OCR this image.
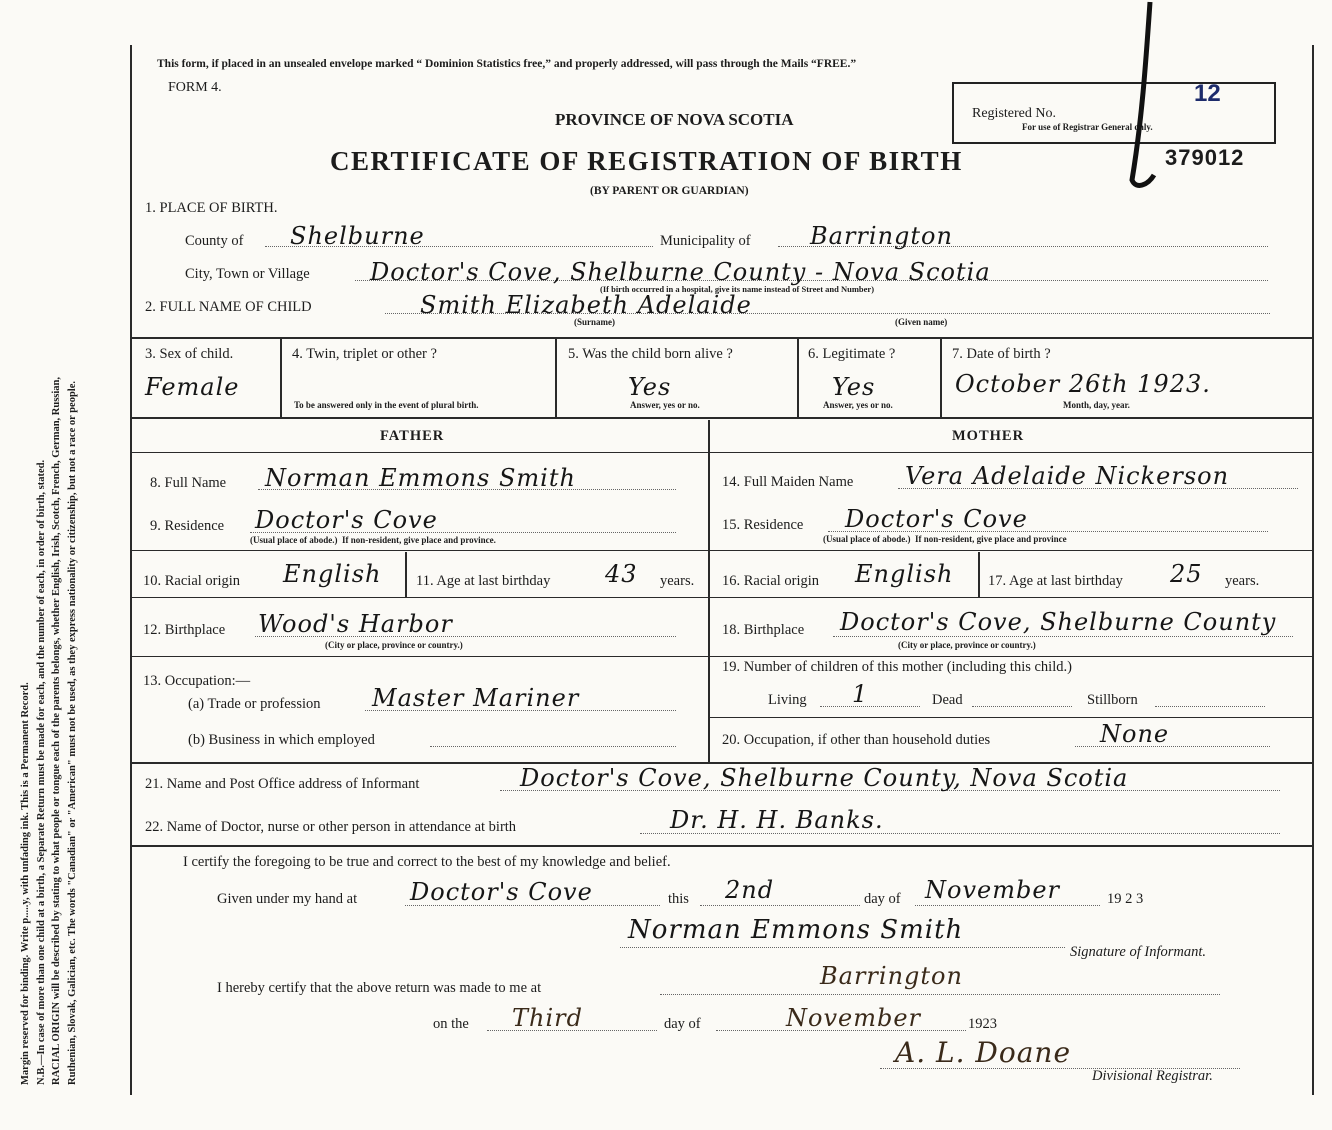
Margin reserved for binding. Write p.....y, with unfading ink. This is a Permanent Record. N.B.—In case of more than one child at a birth, a Separate Return must be made for each, and the number of each, in order of birth, stated. RACIAL ORIGIN will be described by stating to what people or tongue each of the parents belongs, whether English, Irish, Scotch, French, German, Russian, Ruthenian, Slovak, Galician, etc. The words "Canadian" or "American" must not be used, as they express nationality or citizenship, but not a race or people.
This form, if placed in an unsealed envelope marked “ Dominion Statistics free,” and properly addressed, will pass through the Mails “FREE.”
FORM 4.
PROVINCE OF NOVA SCOTIA
CERTIFICATE OF REGISTRATION OF BIRTH
(BY PARENT OR GUARDIAN)
Registered No.
For use of Registrar General only.
12
379012
1. PLACE OF BIRTH.
County of Shelburne	Municipality of Barrington
City, Town or Village	Doctor's Cove, Shelburne County - Nova Scotia
(If birth occurred in a hospital, give its name instead of Street and Number)
2. FULL NAME OF CHILD	Smith Elizabeth Adelaide
(Surname)	(Given name)
3. Sex of child.
Female
4. Twin, triplet or other ?
To be answered only in the event of plural birth.
5. Was the child born alive ?
Yes
Answer, yes or no.
6. Legitimate ?
Yes
Answer, yes or no.
7. Date of birth ?
October 26th 1923.
Month, day, year.
FATHER	MOTHER
8. Full Name Norman Emmons Smith
9. Residence Doctor's Cove
(Usual place of abode.) If non-resident, give place and province.
10. Racial origin English 11. Age at last birthday 43 years.
12. Birthplace Wood's Harbor
(City or place, province or country.)
13. Occupation:—
(a) Trade or profession Master Mariner
(b) Business in which employed
14. Full Maiden Name Vera Adelaide Nickerson
15. Residence Doctor's Cove
(Usual place of abode.) If non-resident, give place and province
16. Racial origin English 17. Age at last birthday 25 years.
18. Birthplace Doctor's Cove, Shelburne County
(City or place, province or country.)
19. Number of children of this mother (including this child.)
Living 1	Dead	Stillborn
20. Occupation, if other than household duties	None
21. Name and Post Office address of Informant	Doctor's Cove, Shelburne County, Nova Scotia
22. Name of Doctor, nurse or other person in attendance at birth	Dr. H. H. Banks.
I certify the foregoing to be true and correct to the best of my knowledge and belief.
Given under my hand at Doctor's Cove	this 2nd	day of November	19 2 3
Norman Emmons Smith
Signature of Informant.
I hereby certify that the above return was made to me at	Barrington
on the Third	day of	November	1923
A. L. Doane
Divisional Registrar.
